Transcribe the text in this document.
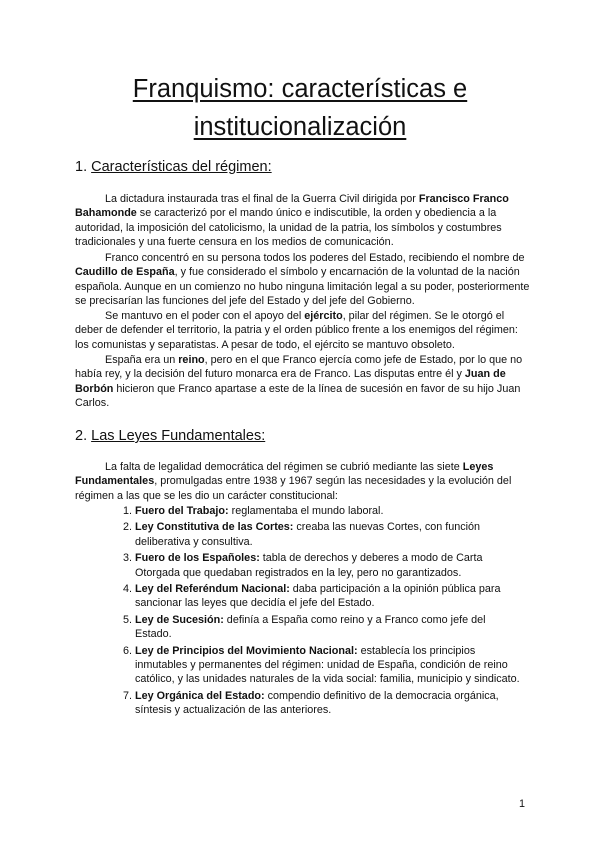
Franquismo: características e
institucionalización
1. Características del régimen:

La dictadura instaurada tras el final de la Guerra Civil dirigida por Francisco Franco Bahamonde se caracterizó por el mando único e indiscutible, la orden y obediencia a la autoridad, la imposición del catolicismo, la unidad de la patria, los símbolos y costumbres tradicionales y una fuerte censura en los medios de comunicación.

Franco concentró en su persona todos los poderes del Estado, recibiendo el nombre de Caudillo de España, y fue considerado el símbolo y encarnación de la voluntad de la nación española. Aunque en un comienzo no hubo ninguna limitación legal a su poder, posteriormente se precisarían las funciones del jefe del Estado y del jefe del Gobierno.

Se mantuvo en el poder con el apoyo del ejército, pilar del régimen. Se le otorgó el deber de defender el territorio, la patria y el orden público frente a los enemigos del régimen: los comunistas y separatistas. A pesar de todo, el ejército se mantuvo obsoleto.

España era un reino, pero en el que Franco ejercía como jefe de Estado, por lo que no había rey, y la decisión del futuro monarca era de Franco. Las disputas entre él y Juan de Borbón hicieron que Franco apartase a este de la línea de sucesión en favor de su hijo Juan Carlos.

2. Las Leyes Fundamentales:

La falta de legalidad democrática del régimen se cubrió mediante las siete Leyes Fundamentales, promulgadas entre 1938 y 1967 según las necesidades y la evolución del régimen a las que se les dio un carácter constitucional:

1. Fuero del Trabajo: reglamentaba el mundo laboral.
2. Ley Constitutiva de las Cortes: creaba las nuevas Cortes, con función deliberativa y consultiva.
3. Fuero de los Españoles: tabla de derechos y deberes a modo de Carta Otorgada que quedaban registrados en la ley, pero no garantizados.
4. Ley del Referéndum Nacional: daba participación a la opinión pública para sancionar las leyes que decidía el jefe del Estado.
5. Ley de Sucesión: definía a España como reino y a Franco como jefe del Estado.
6. Ley de Principios del Movimiento Nacional: establecía los principios inmutables y permanentes del régimen: unidad de España, condición de reino católico, y las unidades naturales de la vida social: familia, municipio y sindicato.
7. Ley Orgánica del Estado: compendio definitivo de la democracia orgánica, síntesis y actualización de las anteriores.
1
